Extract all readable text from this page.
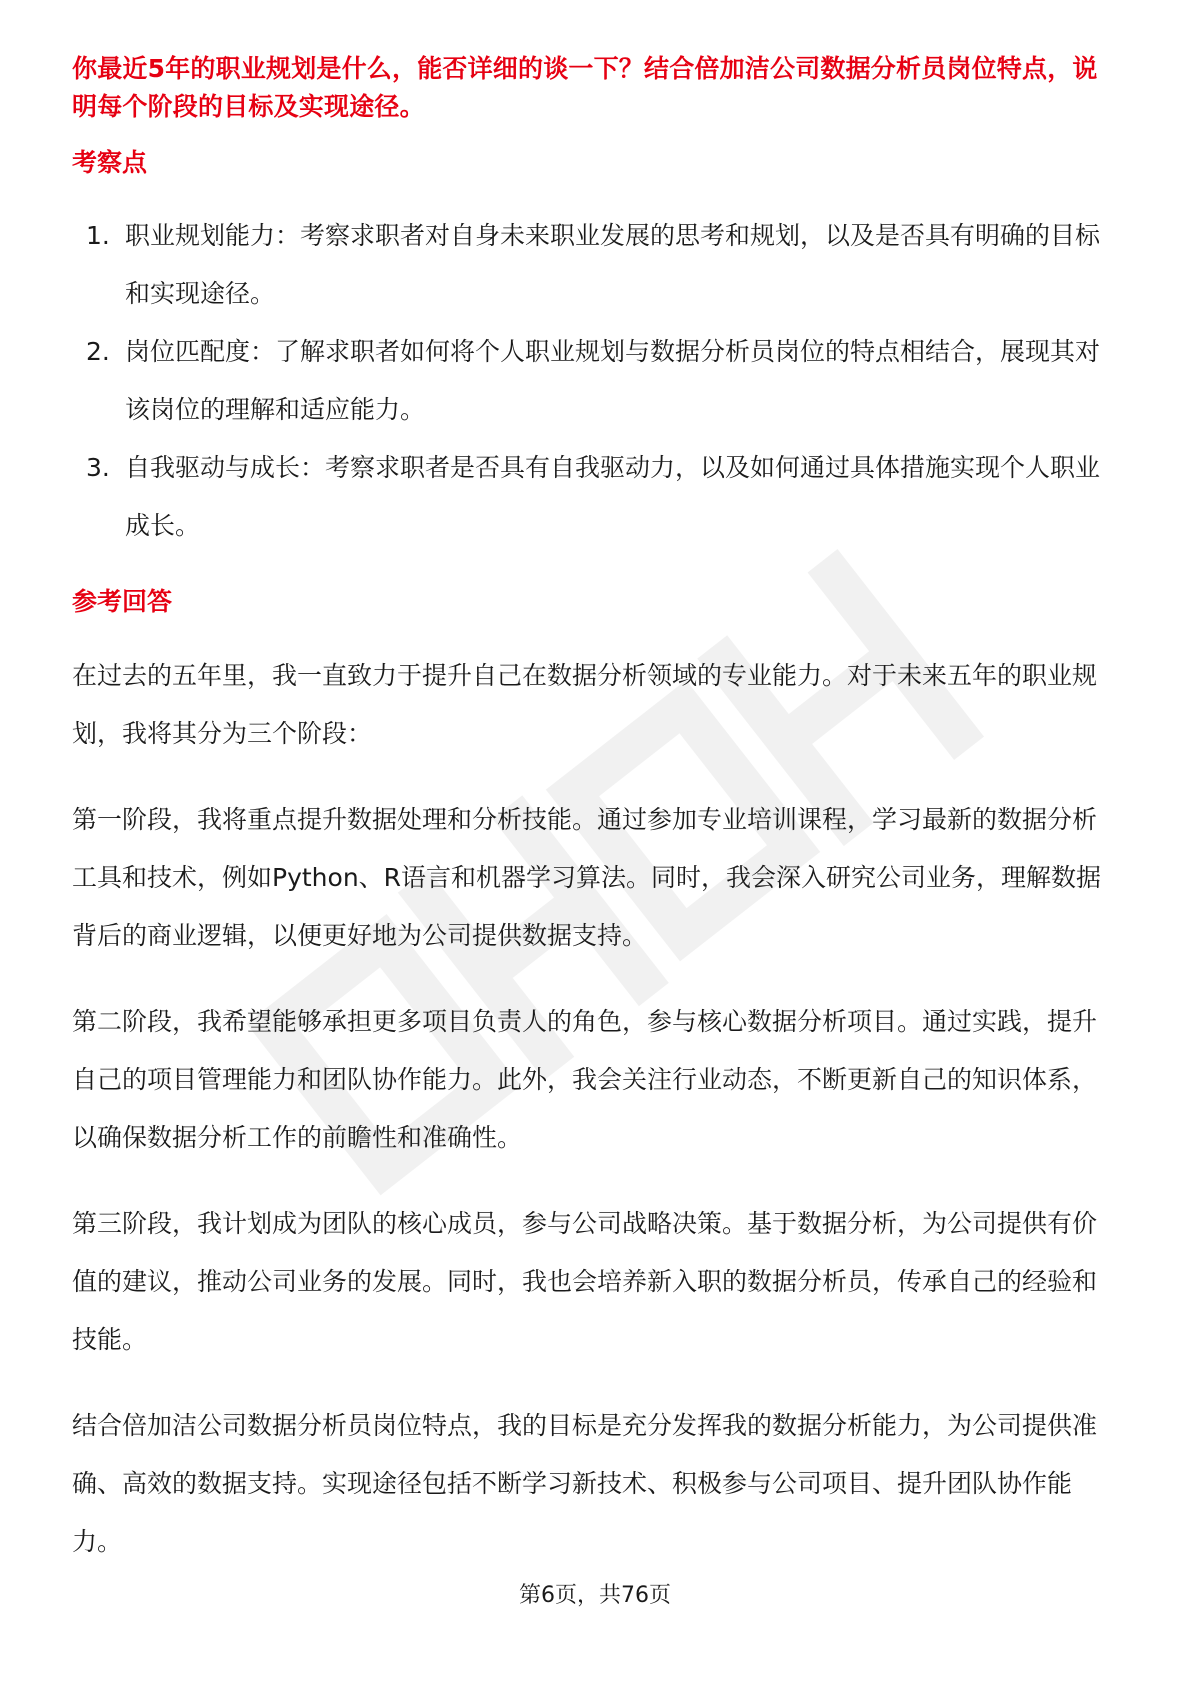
你最近5年的职业规划是什么，能否详细的谈一下？结合倍加洁公司数据分析员岗位特点，说明每个阶段的目标及实现途径。

考察点
1. 职业规划能力：考察求职者对自身未来职业发展的思考和规划，以及是否具有明确的目标和实现途径。
2. 岗位匹配度：了解求职者如何将个人职业规划与数据分析员岗位的特点相结合，展现其对该岗位的理解和适应能力。
3. 自我驱动与成长：考察求职者是否具有自我驱动力，以及如何通过具体措施实现个人职业成长。
参考回答

在过去的五年里，我一直致力于提升自己在数据分析领域的专业能力。对于未来五年的职业规划，我将其分为三个阶段：

第一阶段，我将重点提升数据处理和分析技能。通过参加专业培训课程，学习最新的数据分析工具和技术，例如Python、R语言和机器学习算法。同时，我会深入研究公司业务，理解数据背后的商业逻辑，以便更好地为公司提供数据支持。

第二阶段，我希望能够承担更多项目负责人的角色，参与核心数据分析项目。通过实践，提升自己的项目管理能力和团队协作能力。此外，我会关注行业动态，不断更新自己的知识体系，以确保数据分析工作的前瞻性和准确性。

第三阶段，我计划成为团队的核心成员，参与公司战略决策。基于数据分析，为公司提供有价值的建议，推动公司业务的发展。同时，我也会培养新入职的数据分析员，传承自己的经验和技能。

结合倍加洁公司数据分析员岗位特点，我的目标是充分发挥我的数据分析能力，为公司提供准确、高效的数据支持。实现途径包括不断学习新技术、积极参与公司项目、提升团队协作能力。

第6页，共76页
